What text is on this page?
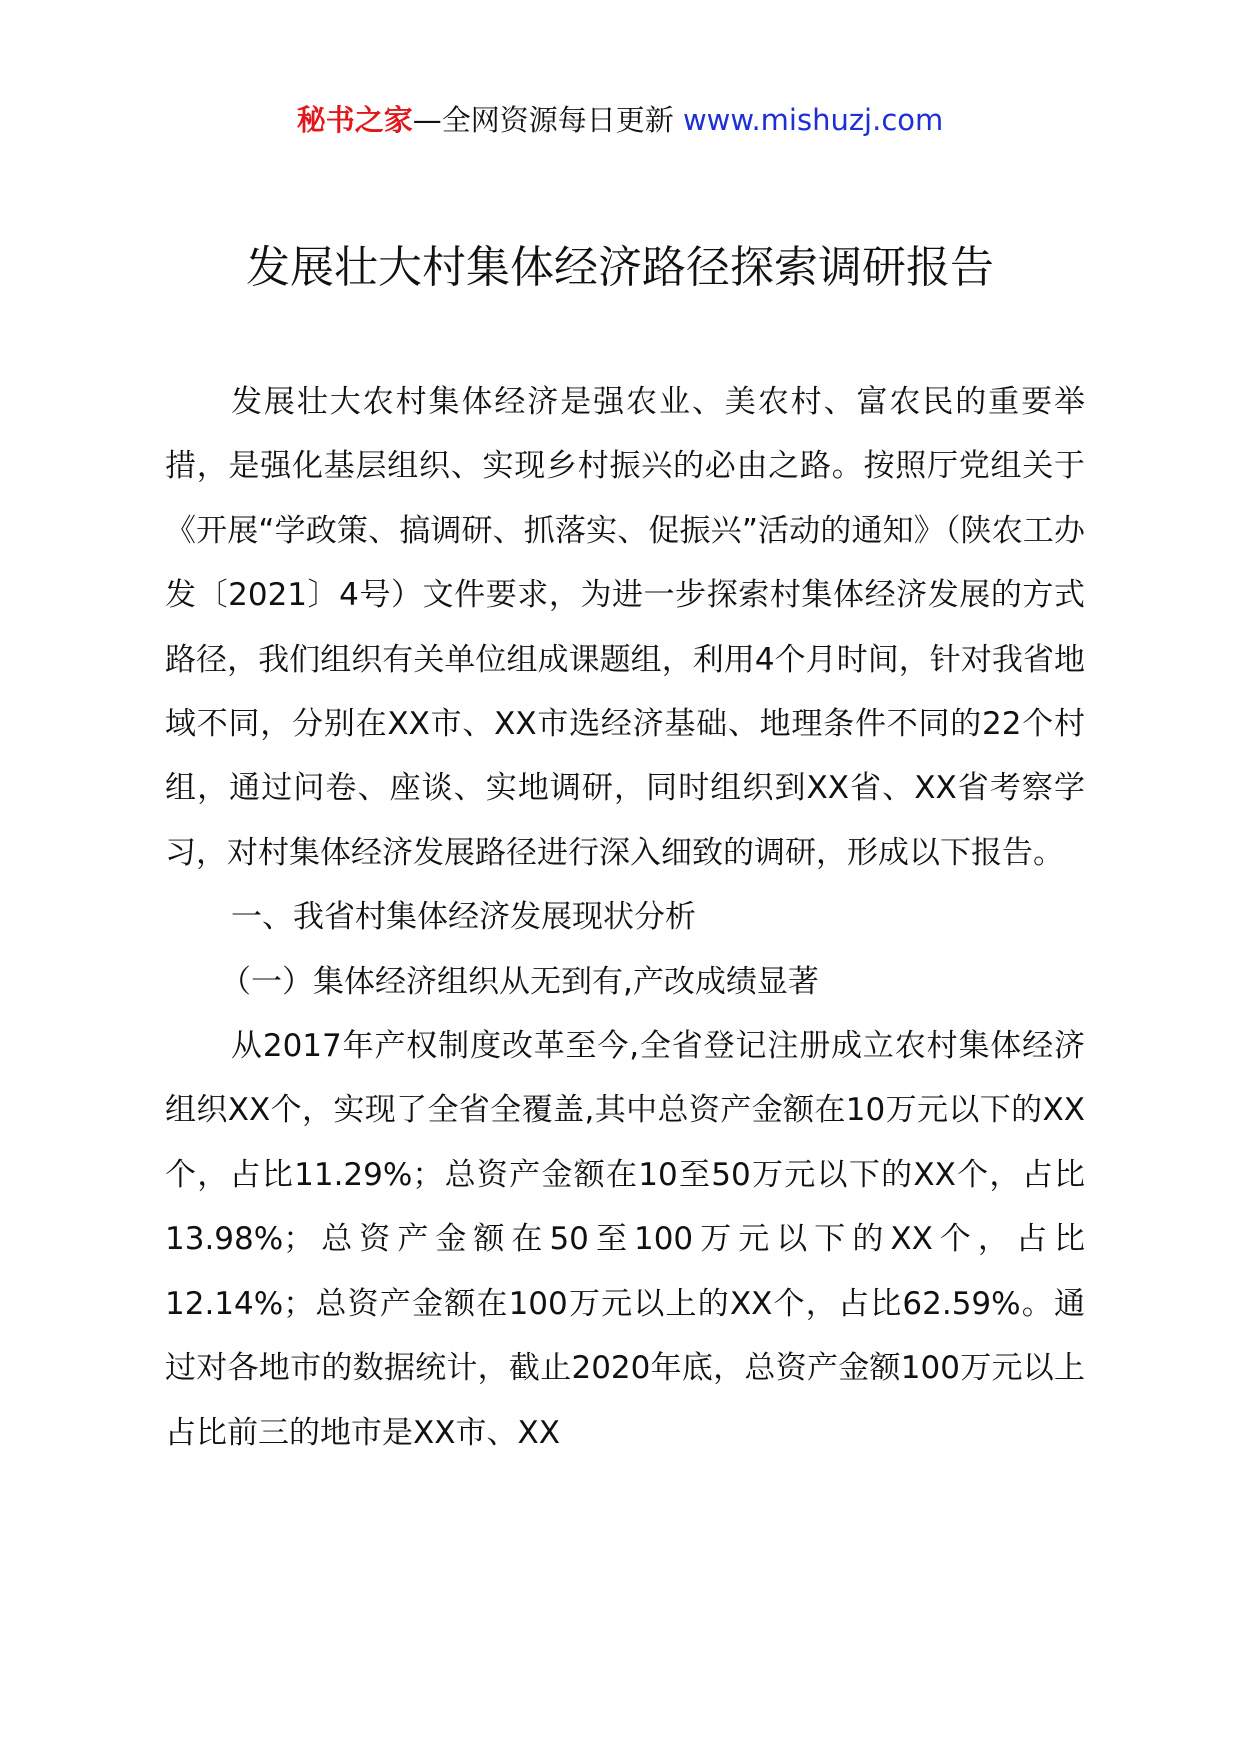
秘书之家—全网资源每日更新 www.mishuzj.com
发展壮大村集体经济路径探索调研报告

发展壮大农村集体经济是强农业、美农村、富农民的重要举措，是强化基层组织、实现乡村振兴的必由之路。按照厅党组关于《开展“学政策、搞调研、抓落实、促振兴”活动的通知》（陕农工办发〔2021〕4号）文件要求，为进一步探索村集体经济发展的方式路径，我们组织有关单位组成课题组，利用4个月时间，针对我省地域不同，分别在XX市、XX市选经济基础、地理条件不同的22个村组，通过问卷、座谈、实地调研，同时组织到XX省、XX省考察学习，对村集体经济发展路径进行深入细致的调研，形成以下报告。

一、我省村集体经济发展现状分析

（一）集体经济组织从无到有,产改成绩显著

从2017年产权制度改革至今,全省登记注册成立农村集体经济组织XX个，实现了全省全覆盖,其中总资产金额在10万元以下的XX个，占比11.29%；总资产金额在10至50万元以下的XX个，占比13.98%；总资产金额在50至100万元以下的XX个，占比12.14%；总资产金额在100万元以上的XX个，占比62.59%。通过对各地市的数据统计，截止2020年底，总资产金额100万元以上占比前三的地市是XX市、XX
